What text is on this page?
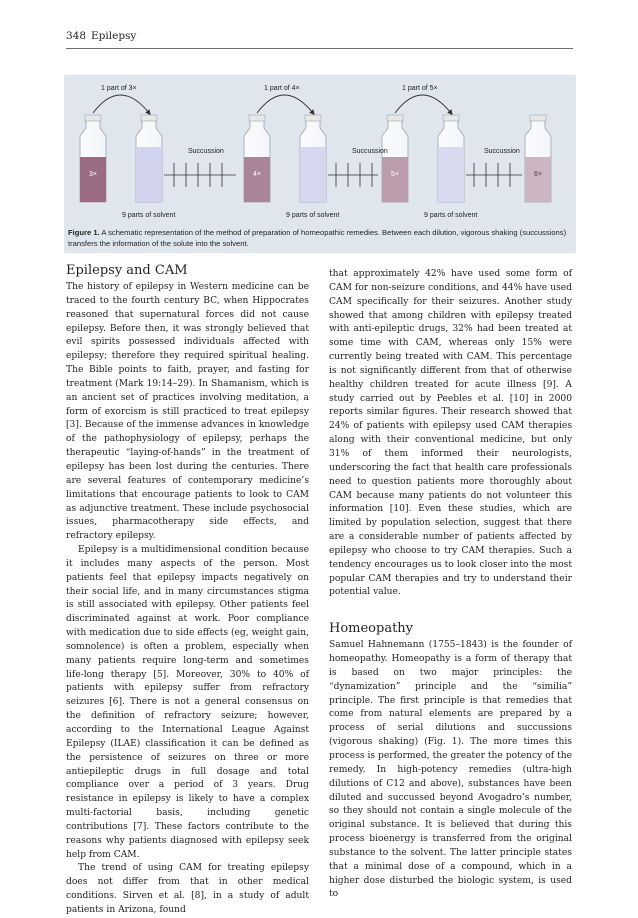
348 Epilepsy
3×	4×	5×	6×
1 part of 3×	1 part of 4×	1 part of 5×
Succussion	Succussion	Succussion
9 parts of solvent	9 parts of solvent	9 parts of solvent
Figure 1. A schematic representation of the method of preparation of homeopathic remedies. Between each dilution, vigorous shaking (succussions) transfers the information of the solute into the solvent.
Epilepsy and CAM

The history of epilepsy in Western medicine can be traced to the fourth century BC, when Hippocrates reasoned that supernatural forces did not cause epilepsy. Before then, it was strongly believed that evil spirits possessed individuals affected with epilepsy; therefore they required spiritual healing. The Bible points to faith, prayer, and fasting for treatment (Mark 19:14–29). In Shamanism, which is an ancient set of practices involving meditation, a form of exorcism is still practiced to treat epilepsy [3]. Because of the immense advances in knowledge of the pathophysiology of epilepsy, perhaps the therapeutic “laying-of-hands” in the treatment of epilepsy has been lost during the centuries. There are several features of contemporary medicine’s limitations that encourage patients to look to CAM as adjunctive treatment. These include psychosocial issues, pharmacotherapy side effects, and refractory epilepsy.

Epilepsy is a multidimensional condition because it includes many aspects of the person. Most patients feel that epilepsy impacts negatively on their social life, and in many circumstances stigma is still associated with epilepsy. Other patients feel discriminated against at work. Poor compliance with medication due to side effects (eg, weight gain, somnolence) is often a problem, especially when many patients require long-term and sometimes life-long therapy [5]. Moreover, 30% to 40% of patients with epilepsy suffer from refractory seizures [6]. There is not a general consensus on the definition of refractory seizure; however, according to the International League Against Epilepsy (ILAE) classification it can be defined as the persistence of seizures on three or more antiepileptic drugs in full dosage and total compliance over a period of 3 years. Drug resistance in epilepsy is likely to have a complex multi-factorial basis, including genetic contributions [7]. These factors contribute to the reasons why patients diagnosed with epilepsy seek help from CAM.

The trend of using CAM for treating epilepsy does not differ from that in other medical conditions. Sirven et al. [8], in a study of adult patients in Arizona, found

that approximately 42% have used some form of CAM for non-seizure conditions, and 44% have used CAM specifically for their seizures. Another study showed that among children with epilepsy treated with anti-epileptic drugs, 32% had been treated at some time with CAM, whereas only 15% were currently being treated with CAM. This percentage is not significantly different from that of otherwise healthy children treated for acute illness [9]. A study carried out by Peebles et al. [10] in 2000 reports similar figures. Their research showed that 24% of patients with epilepsy used CAM therapies along with their conventional medicine, but only 31% of them informed their neurologists, underscoring the fact that health care professionals need to question patients more thoroughly about CAM because many patients do not volunteer this information [10]. Even these studies, which are limited by population selection, suggest that there are a considerable number of patients affected by epilepsy who choose to try CAM therapies. Such a tendency encourages us to look closer into the most popular CAM therapies and try to understand their potential value.

Homeopathy

Samuel Hahnemann (1755–1843) is the founder of homeopathy. Homeopathy is a form of therapy that is based on two major principles: the “dynamization” principle and the “similia” principle. The first principle is that remedies that come from natural elements are prepared by a process of serial dilutions and succussions (vigorous shaking) (Fig. 1). The more times this process is performed, the greater the potency of the remedy. In high-potency remedies (ultra-high dilutions of C12 and above), substances have been diluted and succussed beyond Avogadro’s number, so they should not contain a single molecule of the original substance. It is believed that during this process bioenergy is transferred from the original substance to the solvent. The latter principle states that a minimal dose of a compound, which in a higher dose disturbed the biologic system, is used to
